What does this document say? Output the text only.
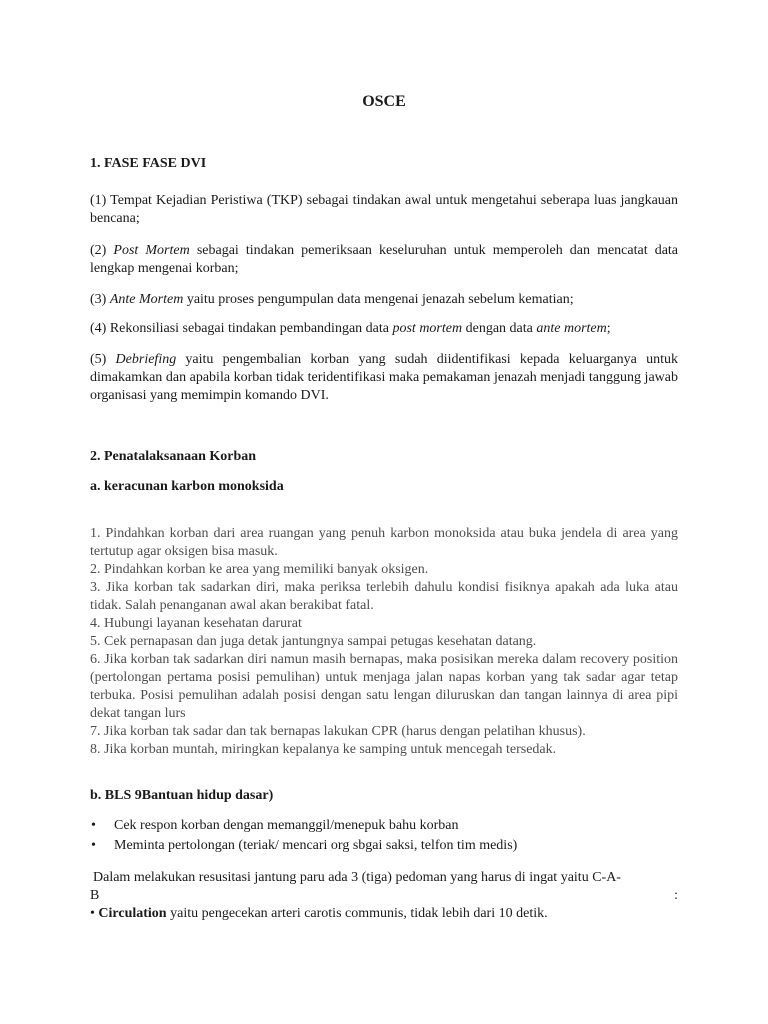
OSCE
1. FASE FASE DVI
(1) Tempat Kejadian Peristiwa (TKP) sebagai tindakan awal untuk mengetahui seberapa luas jangkauan bencana;
(2) Post Mortem sebagai tindakan pemeriksaan keseluruhan untuk memperoleh dan mencatat data lengkap mengenai korban;
(3) Ante Mortem yaitu proses pengumpulan data mengenai jenazah sebelum kematian;
(4) Rekonsiliasi sebagai tindakan pembandingan data post mortem dengan data ante mortem;
(5) Debriefing yaitu pengembalian korban yang sudah diidentifikasi kepada keluarganya untuk dimakamkan dan apabila korban tidak teridentifikasi maka pemakaman jenazah menjadi tanggung jawab organisasi yang memimpin komando DVI.
2. Penatalaksanaan Korban
a. keracunan karbon monoksida
1. Pindahkan korban dari area ruangan yang penuh karbon monoksida atau buka jendela di area yang tertutup agar oksigen bisa masuk.
2. Pindahkan korban ke area yang memiliki banyak oksigen.
3. Jika korban tak sadarkan diri, maka periksa terlebih dahulu kondisi fisiknya apakah ada luka atau tidak. Salah penanganan awal akan berakibat fatal.
4. Hubungi layanan kesehatan darurat
5. Cek pernapasan dan juga detak jantungnya sampai petugas kesehatan datang.
6. Jika korban tak sadarkan diri namun masih bernapas, maka posisikan mereka dalam recovery position (pertolongan pertama posisi pemulihan) untuk menjaga jalan napas korban yang tak sadar agar tetap terbuka. Posisi pemulihan adalah posisi dengan satu lengan diluruskan dan tangan lainnya di area pipi dekat tangan lurs
7. Jika korban tak sadar dan tak bernapas lakukan CPR (harus dengan pelatihan khusus).
8. Jika korban muntah, miringkan kepalanya ke samping untuk mencegah tersedak.
b. BLS 9Bantuan hidup dasar)
• Cek respon korban dengan memanggil/menepuk bahu korban
• Meminta pertolongan (teriak/ mencari org sbgai saksi, telfon tim medis)
Dalam melakukan resusitasi jantung paru ada 3 (tiga) pedoman yang harus di ingat yaitu C-A-
B	:
• Circulation yaitu pengecekan arteri carotis communis, tidak lebih dari 10 detik.
